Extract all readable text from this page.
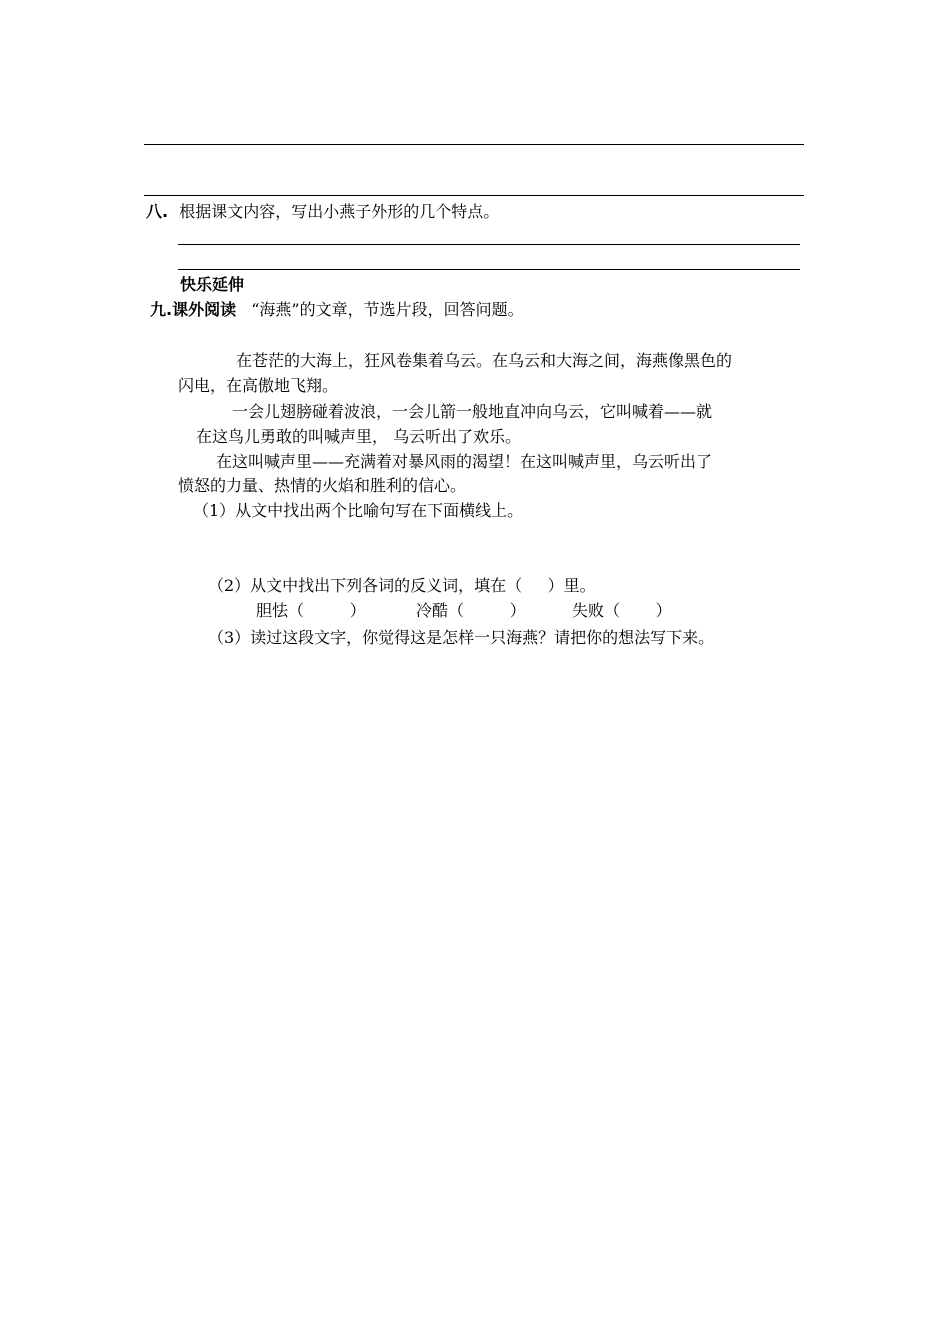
八. 根据课文内容，写出小燕子外形的几个特点。
快乐延伸
九.课外阅读 “海燕”的文章，节选片段，回答问题。
在苍茫的大海上，狂风卷集着乌云。在乌云和大海之间，海燕像黑色的
闪电，在高傲地飞翔。
一会儿翅膀碰着波浪，一会儿箭一般地直冲向乌云，它叫喊着——就
在这鸟儿勇敢的叫喊声里， 乌云听出了欢乐。
在这叫喊声里——充满着对暴风雨的渴望！在这叫喊声里，乌云听出了
愤怒的力量、热情的火焰和胜利的信心。
（1）从文中找出两个比喻句写在下面横线上。
（2）从文中找出下列各词的反义词，填在（     ）里。
胆怯（         ）	冷酷（         ）	失败（       ）
（3）读过这段文字，你觉得这是怎样一只海燕？请把你的想法写下来。
